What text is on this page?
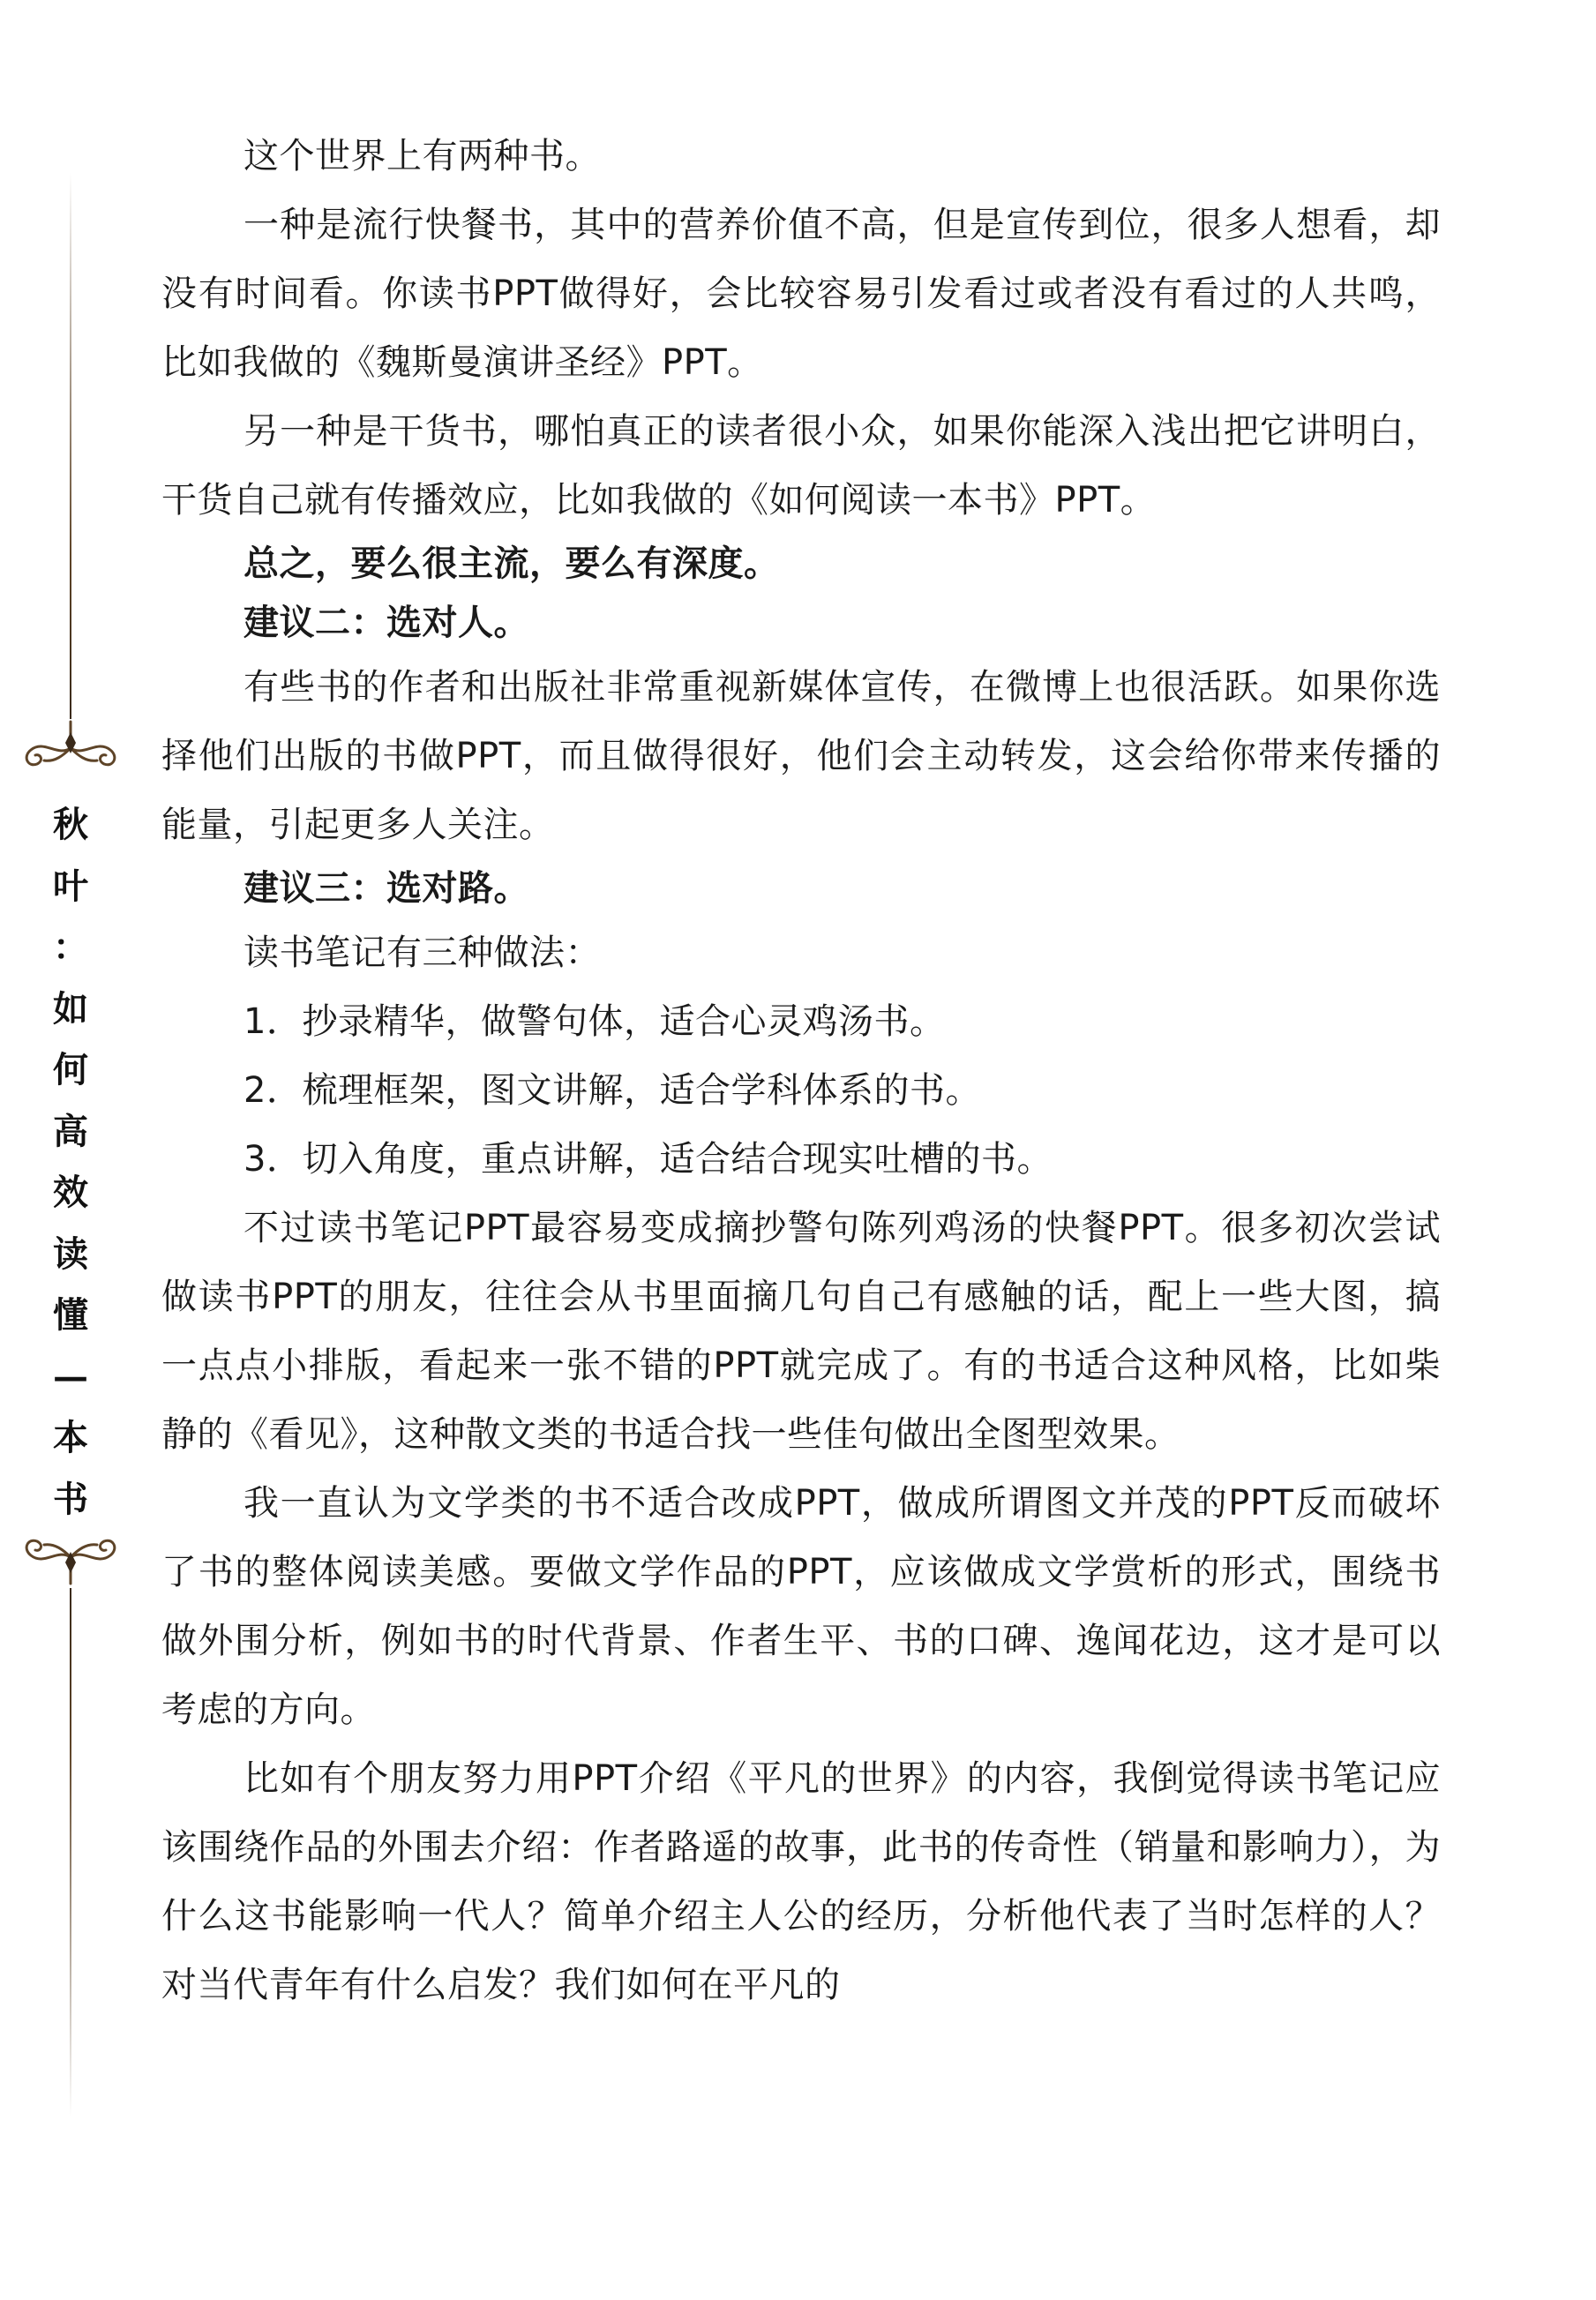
秋
叶
：
如
何
高
效
读
懂
—
本
书

这个世界上有两种书。

一种是流行快餐书，其中的营养价值不高，但是宣传到位，很多人想看，却没有时间看。你读书PPT做得好，会比较容易引发看过或者没有看过的人共鸣，比如我做的《魏斯曼演讲圣经》PPT。

另一种是干货书，哪怕真正的读者很小众，如果你能深入浅出把它讲明白，干货自己就有传播效应，比如我做的《如何阅读一本书》PPT。

总之，要么很主流，要么有深度。

建议二：选对人。

有些书的作者和出版社非常重视新媒体宣传，在微博上也很活跃。如果你选择他们出版的书做PPT，而且做得很好，他们会主动转发，这会给你带来传播的能量，引起更多人关注。

建议三：选对路。

读书笔记有三种做法：

1．抄录精华，做警句体，适合心灵鸡汤书。

2．梳理框架，图文讲解，适合学科体系的书。

3．切入角度，重点讲解，适合结合现实吐槽的书。

不过读书笔记PPT最容易变成摘抄警句陈列鸡汤的快餐PPT。很多初次尝试做读书PPT的朋友，往往会从书里面摘几句自己有感触的话，配上一些大图，搞一点点小排版，看起来一张不错的PPT就完成了。有的书适合这种风格，比如柴静的《看见》，这种散文类的书适合找一些佳句做出全图型效果。

我一直认为文学类的书不适合改成PPT，做成所谓图文并茂的PPT反而破坏了书的整体阅读美感。要做文学作品的PPT，应该做成文学赏析的形式，围绕书做外围分析，例如书的时代背景、作者生平、书的口碑、逸闻花边，这才是可以考虑的方向。

比如有个朋友努力用PPT介绍《平凡的世界》的内容，我倒觉得读书笔记应该围绕作品的外围去介绍：作者路遥的故事，此书的传奇性（销量和影响力），为什么这书能影响一代人？简单介绍主人公的经历，分析他代表了当时怎样的人？对当代青年有什么启发？我们如何在平凡的
